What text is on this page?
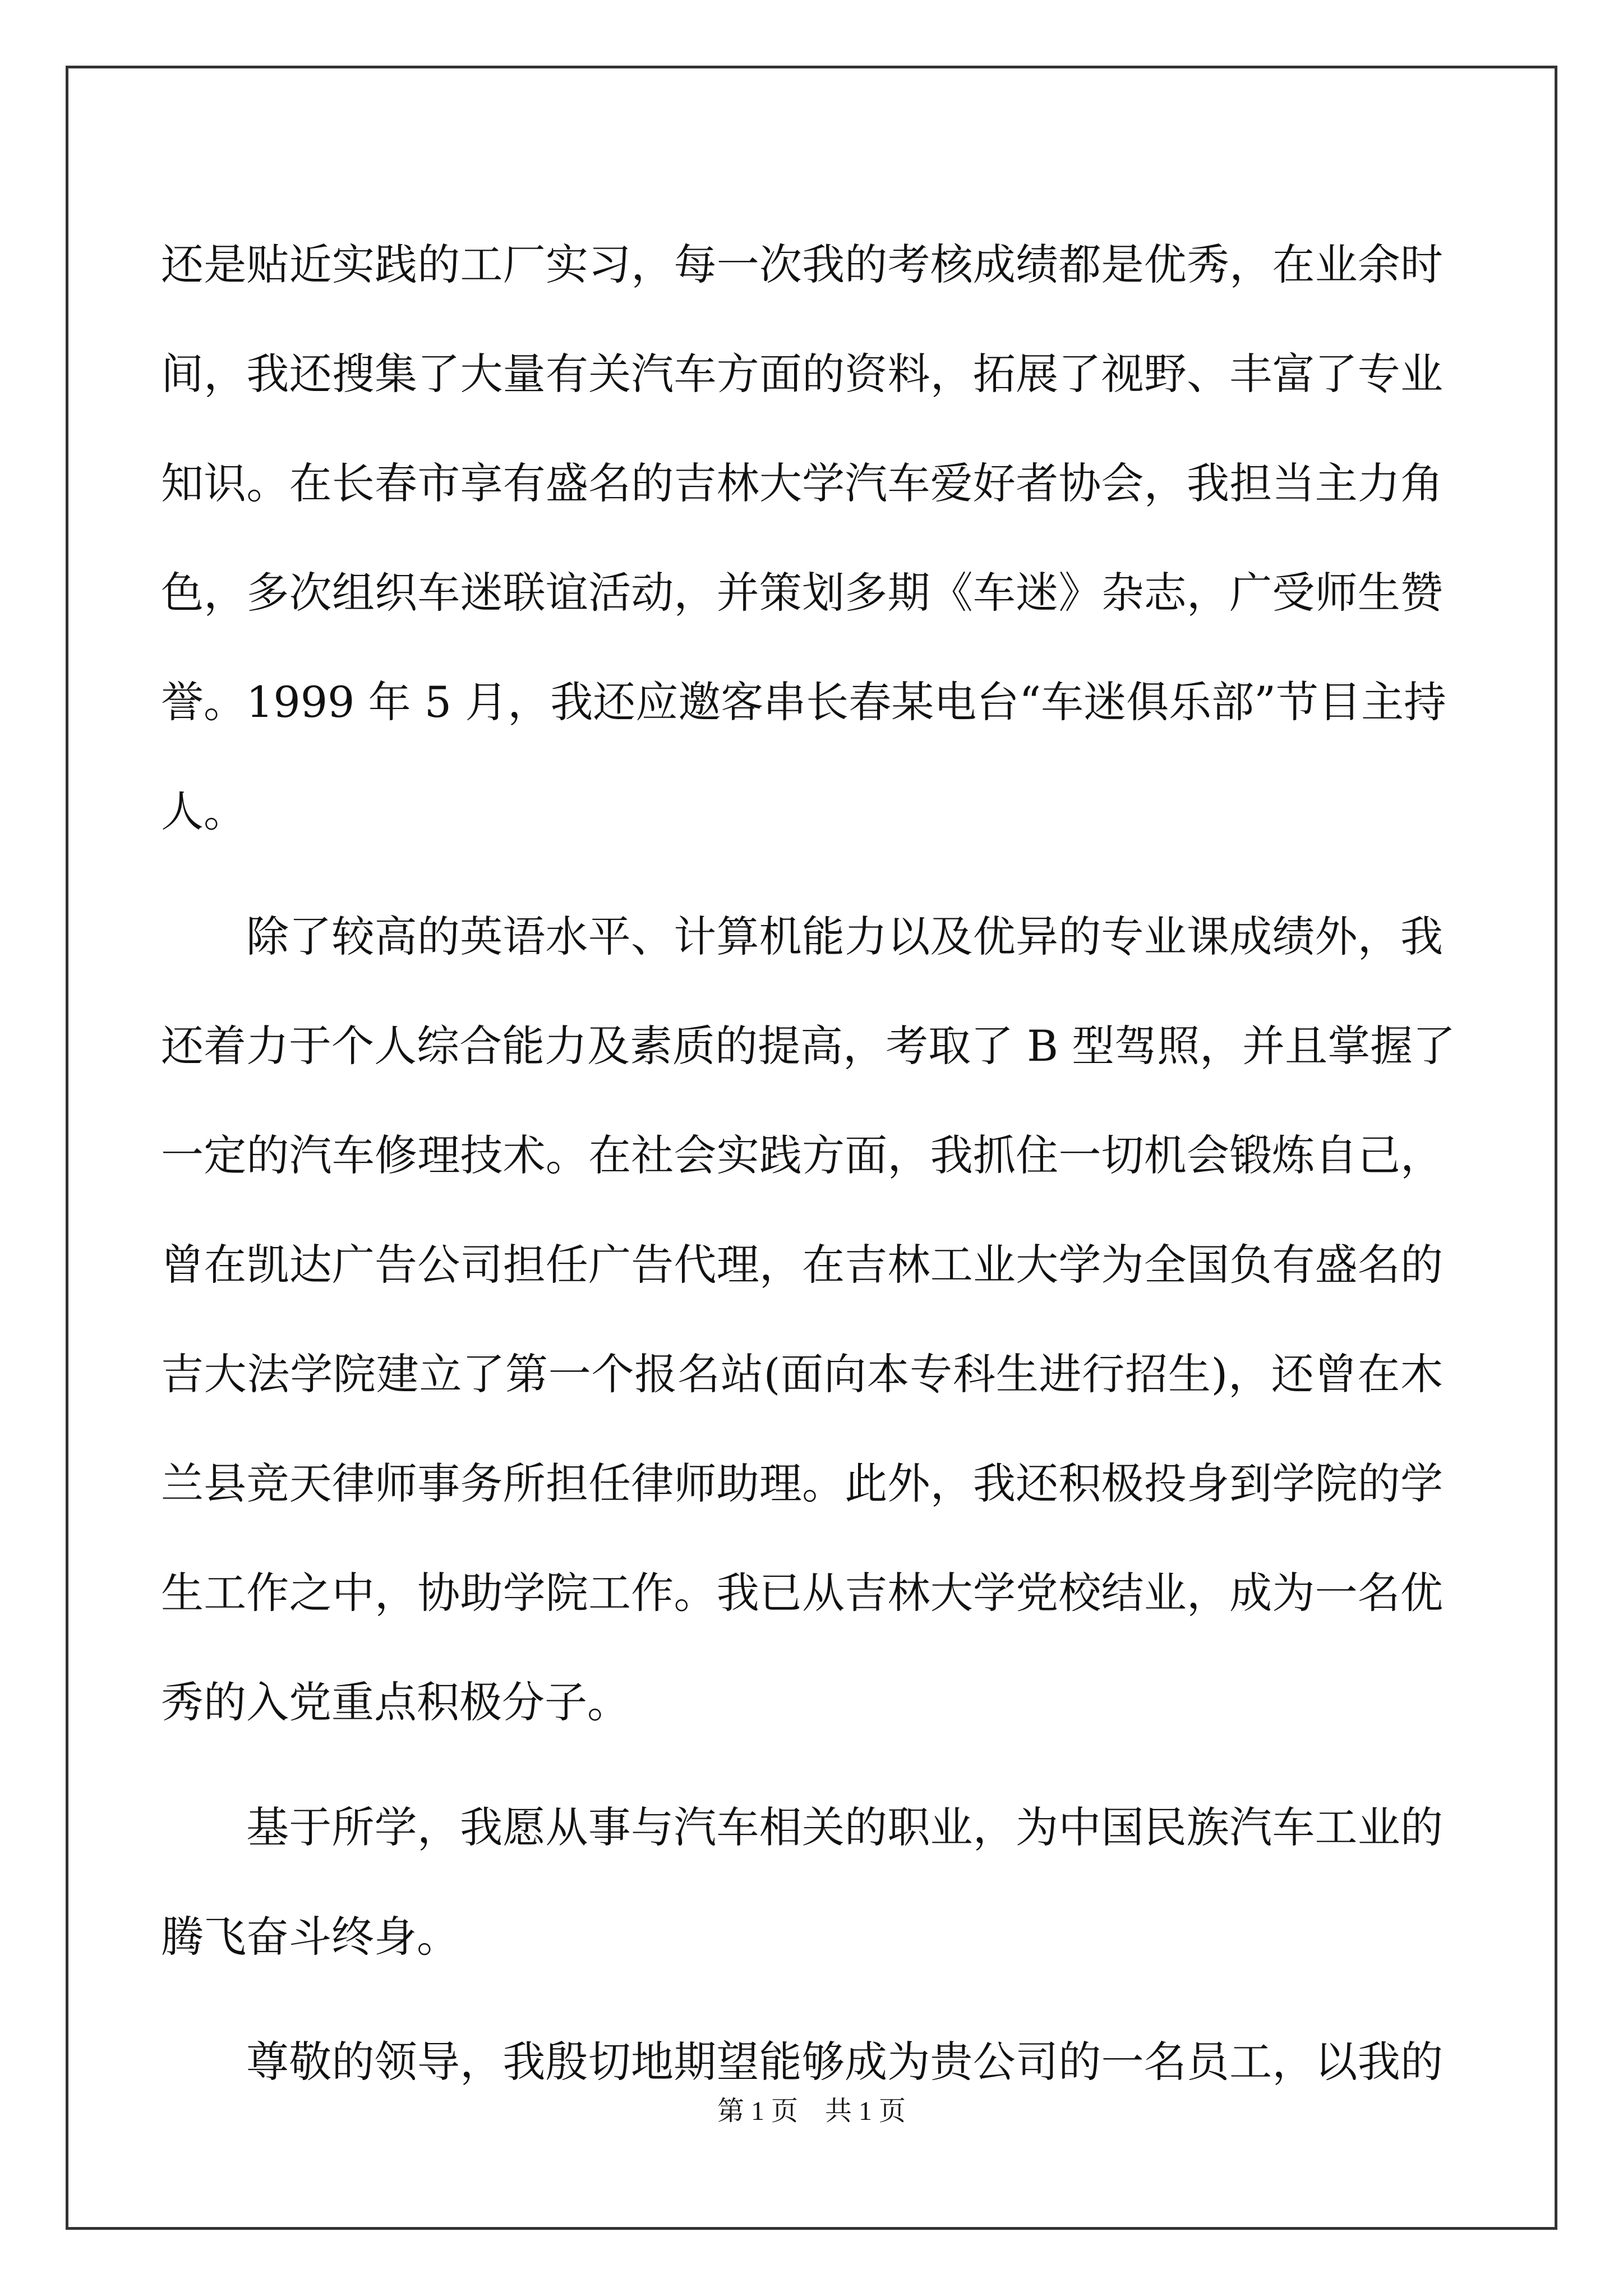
还是贴近实践的工厂实习，每一次我的考核成绩都是优秀，在业余时
间，我还搜集了大量有关汽车方面的资料，拓展了视野、丰富了专业
知识。在长春市享有盛名的吉林大学汽车爱好者协会，我担当主力角
色，多次组织车迷联谊活动，并策划多期《车迷》杂志，广受师生赞
誉。1999 年 5 月，我还应邀客串长春某电台“车迷俱乐部”节目主持
人。
除了较高的英语水平、计算机能力以及优异的专业课成绩外，我
还着力于个人综合能力及素质的提高，考取了 B 型驾照，并且掌握了
一定的汽车修理技术。在社会实践方面，我抓住一切机会锻炼自己，
曾在凯达广告公司担任广告代理，在吉林工业大学为全国负有盛名的
吉大法学院建立了第一个报名站(面向本专科生进行招生)，还曾在木
兰县竞天律师事务所担任律师助理。此外，我还积极投身到学院的学
生工作之中，协助学院工作。我已从吉林大学党校结业，成为一名优
秀的入党重点积极分子。
基于所学，我愿从事与汽车相关的职业，为中国民族汽车工业的
腾飞奋斗终身。
尊敬的领导，我殷切地期望能够成为贵公司的一名员工，以我的
第 1 页　共 1 页
